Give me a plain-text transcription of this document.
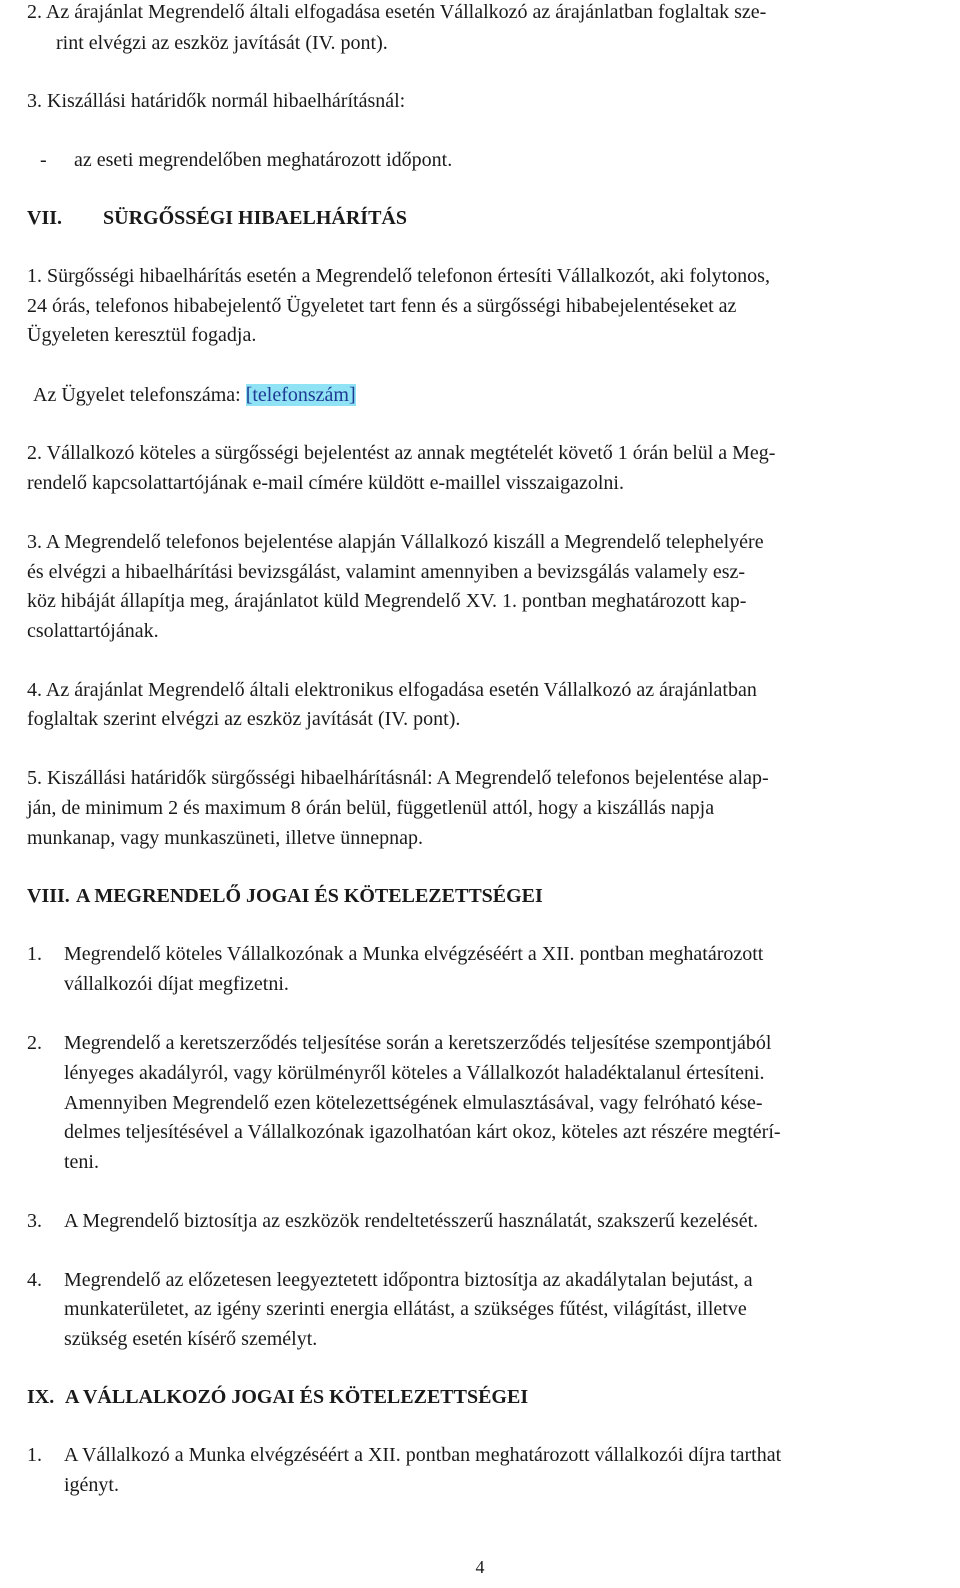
2. Az árajánlat Megrendelő általi elfogadása esetén Vállalkozó az árajánlatban foglaltak sze-
rint elvégzi az eszköz javítását (IV. pont).
3. Kiszállási határidők normál hibaelhárításnál:
- az eseti megrendelőben meghatározott időpont.
VII. SÜRGŐSSÉGI HIBAELHÁRÍTÁS
1. Sürgősségi hibaelhárítás esetén a Megrendelő telefonon értesíti Vállalkozót, aki folytonos,
24 órás, telefonos hibabejelentő Ügyeletet tart fenn és a sürgősségi hibabejelentéseket az
Ügyeleten keresztül fogadja.
Az Ügyelet telefonszáma: [telefonszám]
2. Vállalkozó köteles a sürgősségi bejelentést az annak megtételét követő 1 órán belül a Meg-
rendelő kapcsolattartójának e-mail címére küldött e-maillel visszaigazolni.
3. A Megrendelő telefonos bejelentése alapján Vállalkozó kiszáll a Megrendelő telephelyére
és elvégzi a hibaelhárítási bevizsgálást, valamint amennyiben a bevizsgálás valamely esz-
köz hibáját állapítja meg, árajánlatot küld Megrendelő XV. 1. pontban meghatározott kap-
csolattartójának.
4. Az árajánlat Megrendelő általi elektronikus elfogadása esetén Vállalkozó az árajánlatban
foglaltak szerint elvégzi az eszköz javítását (IV. pont).
5. Kiszállási határidők sürgősségi hibaelhárításnál: A Megrendelő telefonos bejelentése alap-
ján, de minimum 2 és maximum 8 órán belül, függetlenül attól, hogy a kiszállás napja
munkanap, vagy munkaszüneti, illetve ünnepnap.
VIII. A MEGRENDELŐ JOGAI ÉS KÖTELEZETTSÉGEI
1. Megrendelő köteles Vállalkozónak a Munka elvégzéséért a XII. pontban meghatározott
vállalkozói díjat megfizetni.
2. Megrendelő a keretszerződés teljesítése során a keretszerződés teljesítése szempontjából
lényeges akadályról, vagy körülményről köteles a Vállalkozót haladéktalanul értesíteni.
Amennyiben Megrendelő ezen kötelezettségének elmulasztásával, vagy felróható kése-
delmes teljesítésével a Vállalkozónak igazolhatóan kárt okoz, köteles azt részére megtérí-
teni.
3. A Megrendelő biztosítja az eszközök rendeltetésszerű használatát, szakszerű kezelését.
4. Megrendelő az előzetesen leegyeztetett időpontra biztosítja az akadálytalan bejutást, a
munkaterületet, az igény szerinti energia ellátást, a szükséges fűtést, világítást, illetve
szükség esetén kísérő személyt.
IX. A VÁLLALKOZÓ JOGAI ÉS KÖTELEZETTSÉGEI
1. A Vállalkozó a Munka elvégzéséért a XII. pontban meghatározott vállalkozói díjra tarthat
igényt.
4
